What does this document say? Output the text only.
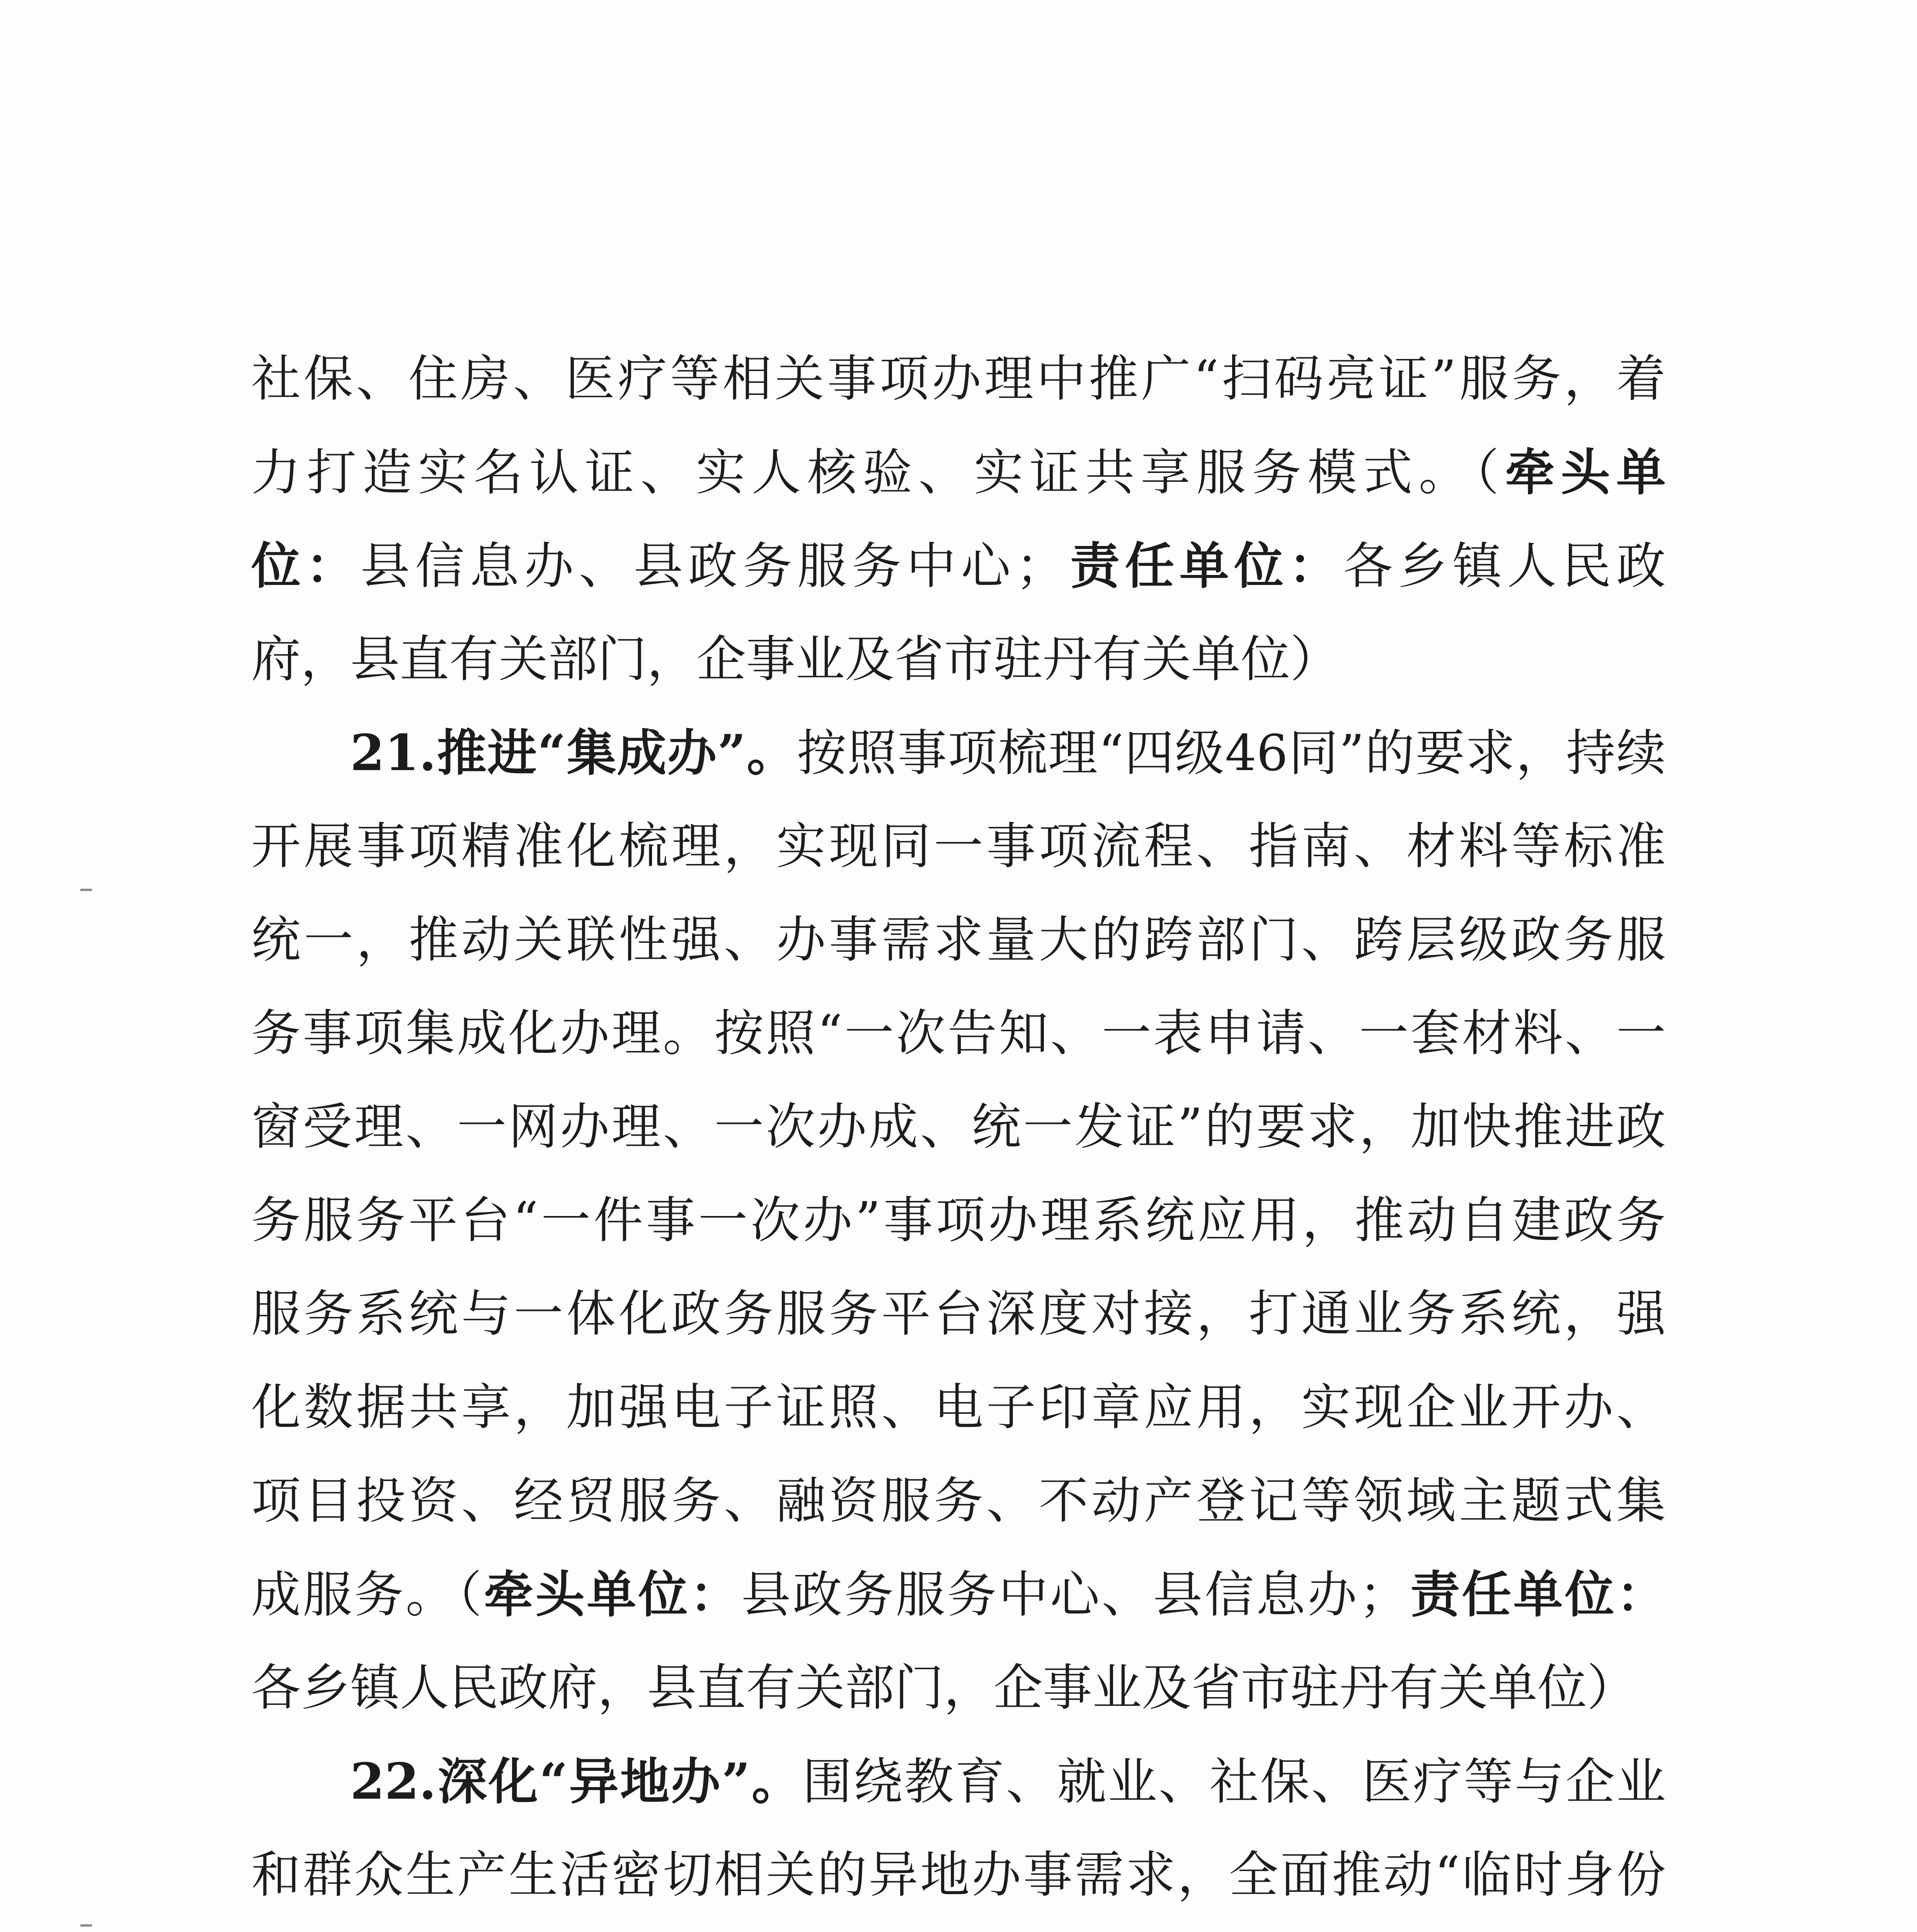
社保、住房、医疗等相关事项办理中推广“扫码亮证”服务，着
力打造实名认证、实人核验、实证共享服务模式。（牵头单
位：县信息办、县政务服务中心；责任单位：各乡镇人民政
府，县直有关部门，企事业及省市驻丹有关单位）
21.推进“集成办”。按照事项梳理“四级46同”的要求，持续
开展事项精准化梳理，实现同一事项流程、指南、材料等标准
统一，推动关联性强、办事需求量大的跨部门、跨层级政务服
务事项集成化办理。按照“一次告知、一表申请、一套材料、一
窗受理、一网办理、一次办成、统一发证”的要求，加快推进政
务服务平台“一件事一次办”事项办理系统应用，推动自建政务
服务系统与一体化政务服务平台深度对接，打通业务系统，强
化数据共享，加强电子证照、电子印章应用，实现企业开办、
项目投资、经贸服务、融资服务、不动产登记等领域主题式集
成服务。（牵头单位：县政务服务中心、县信息办；责任单位：
各乡镇人民政府，县直有关部门，企事业及省市驻丹有关单位）
22.深化“异地办”。围绕教育、就业、社保、医疗等与企业
和群众生产生活密切相关的异地办事需求，全面推动“临时身份
